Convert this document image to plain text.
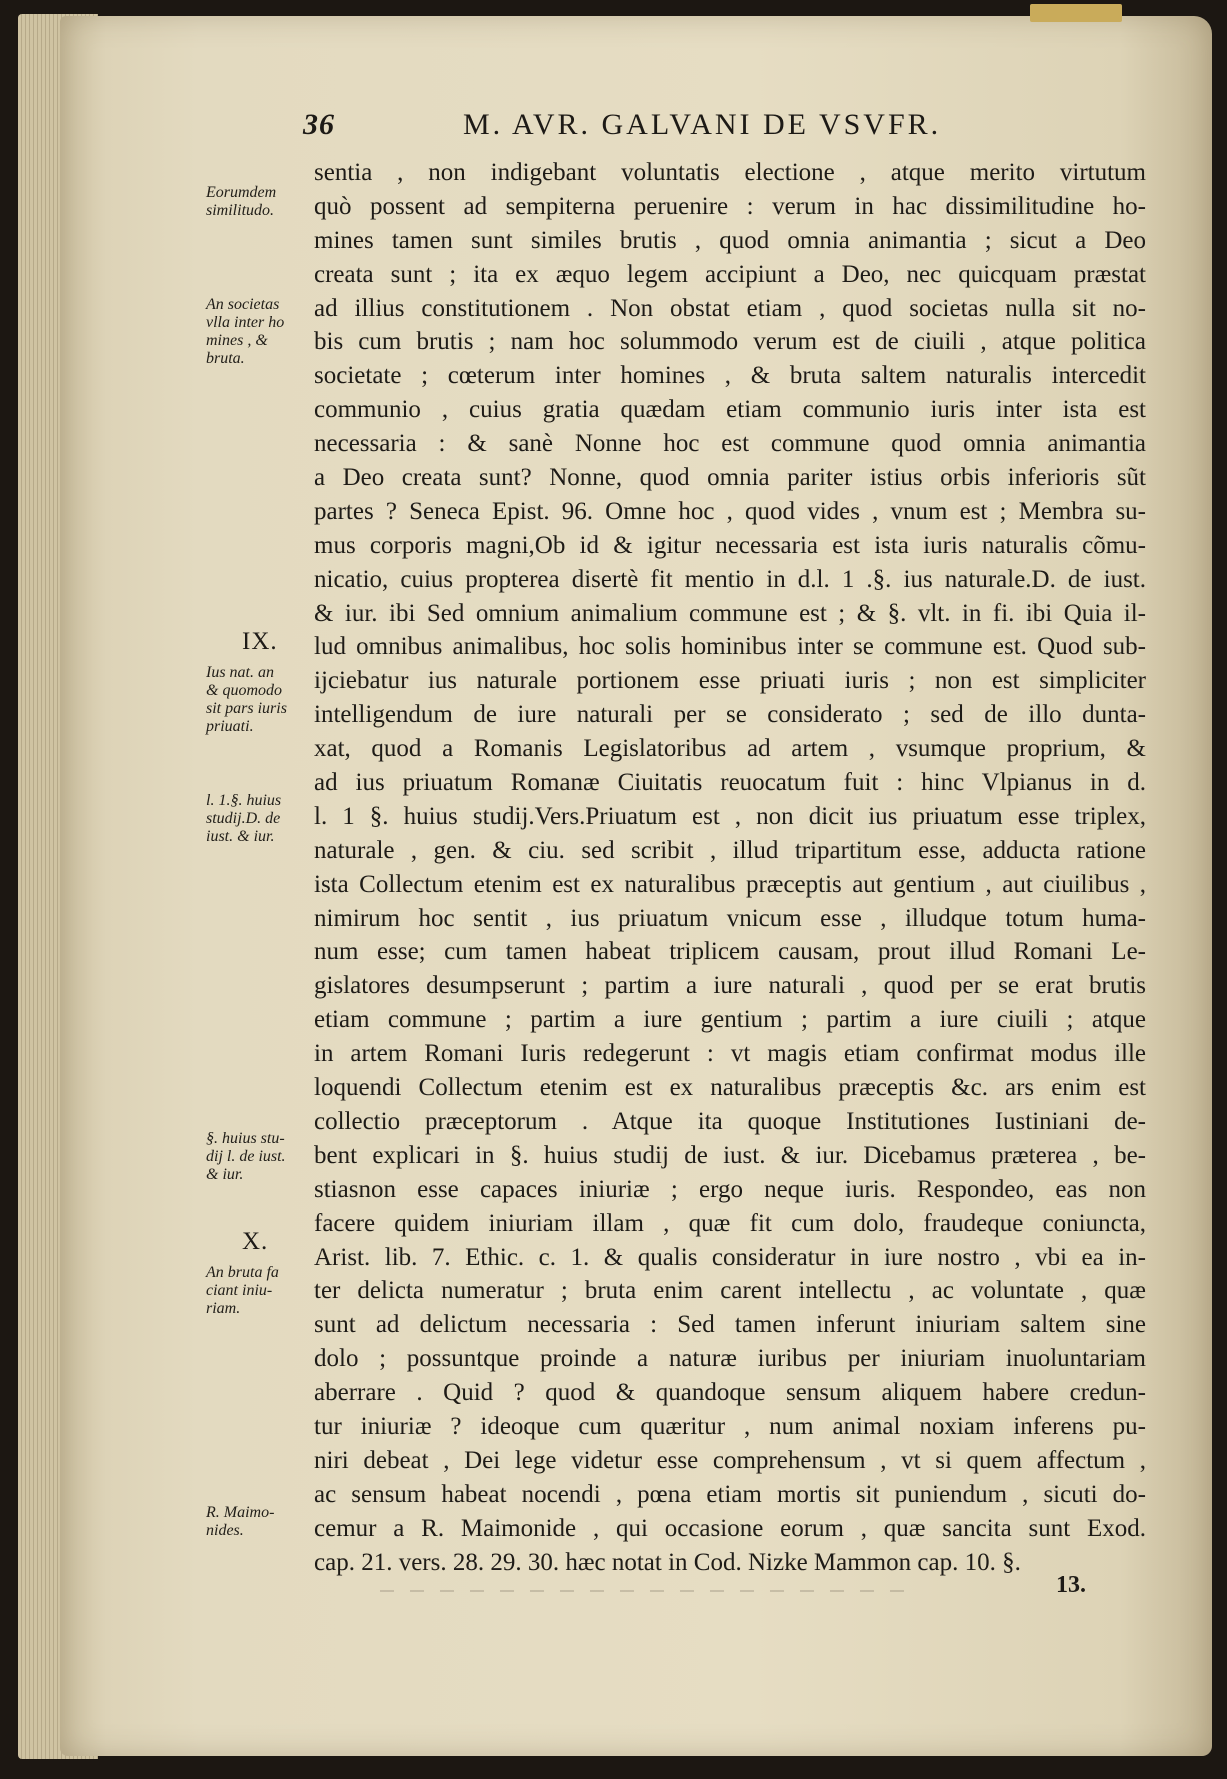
36	M. AVR. GALVANI DE VSVFR.
sentia , non indigebant voluntatis electione , atque merito virtutum
quò possent ad sempiterna peruenire : verum in hac dissimilitudine ho-
mines tamen sunt similes brutis , quod omnia animantia ; sicut a Deo
creata sunt ; ita ex æquo legem accipiunt a Deo, nec quicquam præstat
ad illius constitutionem . Non obstat etiam , quod societas nulla sit no-
bis cum brutis ; nam hoc solummodo verum est de ciuili , atque politica
societate ; cœterum inter homines , & bruta saltem naturalis intercedit
communio , cuius gratia quædam etiam communio iuris inter ista est
necessaria : & sanè Nonne hoc est commune quod omnia animantia
a Deo creata sunt? Nonne, quod omnia pariter istius orbis inferioris sũt
partes ? Seneca Epist. 96. Omne hoc , quod vides , vnum est ; Membra su-
mus corporis magni,Ob id & igitur necessaria est ista iuris naturalis cõmu-
nicatio, cuius propterea disertè fit mentio in d.l. 1 .§. ius naturale.D. de iust.
& iur. ibi Sed omnium animalium commune est ; & §. vlt. in fi. ibi Quia il-
lud omnibus animalibus, hoc solis hominibus inter se commune est. Quod sub-
ijciebatur ius naturale portionem esse priuati iuris ; non est simpliciter
intelligendum de iure naturali per se considerato ; sed de illo dunta-
xat, quod a Romanis Legislatoribus ad artem , vsumque proprium, &
ad ius priuatum Romanæ Ciuitatis reuocatum fuit : hinc Vlpianus in d.
l. 1 §. huius studij.Vers.Priuatum est , non dicit ius priuatum esse triplex,
naturale , gen. & ciu. sed scribit , illud tripartitum esse, adducta ratione
ista Collectum etenim est ex naturalibus præceptis aut gentium , aut ciuilibus ,
nimirum hoc sentit , ius priuatum vnicum esse , illudque totum huma-
num esse; cum tamen habeat triplicem causam, prout illud Romani Le-
gislatores desumpserunt ; partim a iure naturali , quod per se erat brutis
etiam commune ; partim a iure gentium ; partim a iure ciuili ; atque
in artem Romani Iuris redegerunt : vt magis etiam confirmat modus ille
loquendi Collectum etenim est ex naturalibus præceptis &c. ars enim est
collectio præceptorum . Atque ita quoque Institutiones Iustiniani de-
bent explicari in §. huius studij de iust. & iur. Dicebamus præterea , be-
stiasnon esse capaces iniuriæ ; ergo neque iuris. Respondeo, eas non
facere quidem iniuriam illam , quæ fit cum dolo, fraudeque coniuncta,
Arist. lib. 7. Ethic. c. 1. & qualis consideratur in iure nostro , vbi ea in-
ter delicta numeratur ; bruta enim carent intellectu , ac voluntate , quæ
sunt ad delictum necessaria : Sed tamen inferunt iniuriam saltem sine
dolo ; possuntque proinde a naturæ iuribus per iniuriam inuoluntariam
aberrare . Quid ? quod & quandoque sensum aliquem habere credun-
tur iniuriæ ? ideoque cum quæritur , num animal noxiam inferens pu-
niri debeat , Dei lege videtur esse comprehensum , vt si quem affectum ,
ac sensum habeat nocendi , pœna etiam mortis sit puniendum , sicuti do-
cemur a R. Maimonide , qui occasione eorum , quæ sancita sunt Exod.
cap. 21. vers. 28. 29. 30. hæc notat in Cod. Nizke Mammon cap. 10. §.
Eorumdem
similitudo.
An societas
vlla inter ho
mines , &
bruta.
IX.
Ius nat. an
& quomodo
sit pars iuris
priuati.
l. 1.§. huius
studij.D. de
iust. & iur.
§. huius stu-
dij l. de iust.
& iur.
X.
An bruta fa
ciant iniu-
riam.
R. Maimo-
nides.
13.
